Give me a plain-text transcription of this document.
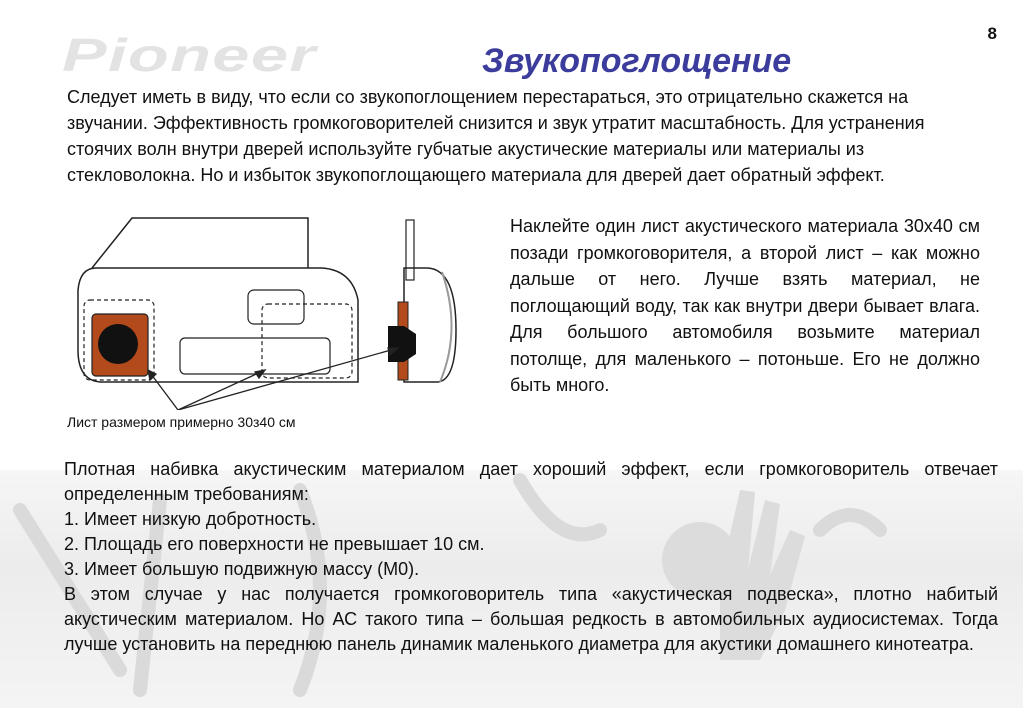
Pioneer	8
Звукопоглощение
Следует иметь в виду, что если со звукопоглощением перестараться, это отрицательно скажется на звучании. Эффективность громкоговорителей снизится и звук утратит масштабность. Для устранения стоячих волн внутри дверей используйте губчатые акустические материалы или материалы из стекловолокна. Но и избыток звукопоглощающего материала для дверей дает обратный эффект.
Лист размером примерно 30з40 см
Наклейте один лист акустического материала 30х40 см позади громкоговорителя, а второй лист – как можно дальше от него. Лучше взять материал, не поглощающий воду, так как внутри двери бывает влага. Для большого автомобиля возьмите материал потолще, для маленького – потоньше. Его не должно быть много.

Плотная набивка акустическим материалом дает хороший эффект, если громкоговоритель отвечает определенным требованиям:

1. Имеет низкую добротность.

2. Площадь его поверхности не превышает 10 см.

3. Имеет большую подвижную массу (М0).

В этом случае у нас получается громкоговоритель типа «акустическая подвеска», плотно набитый акустическим материалом. Но АС такого типа – большая редкость в автомобильных аудиосистемах. Тогда лучше установить на переднюю панель динамик маленького диаметра для акустики домашнего кинотеатра.
